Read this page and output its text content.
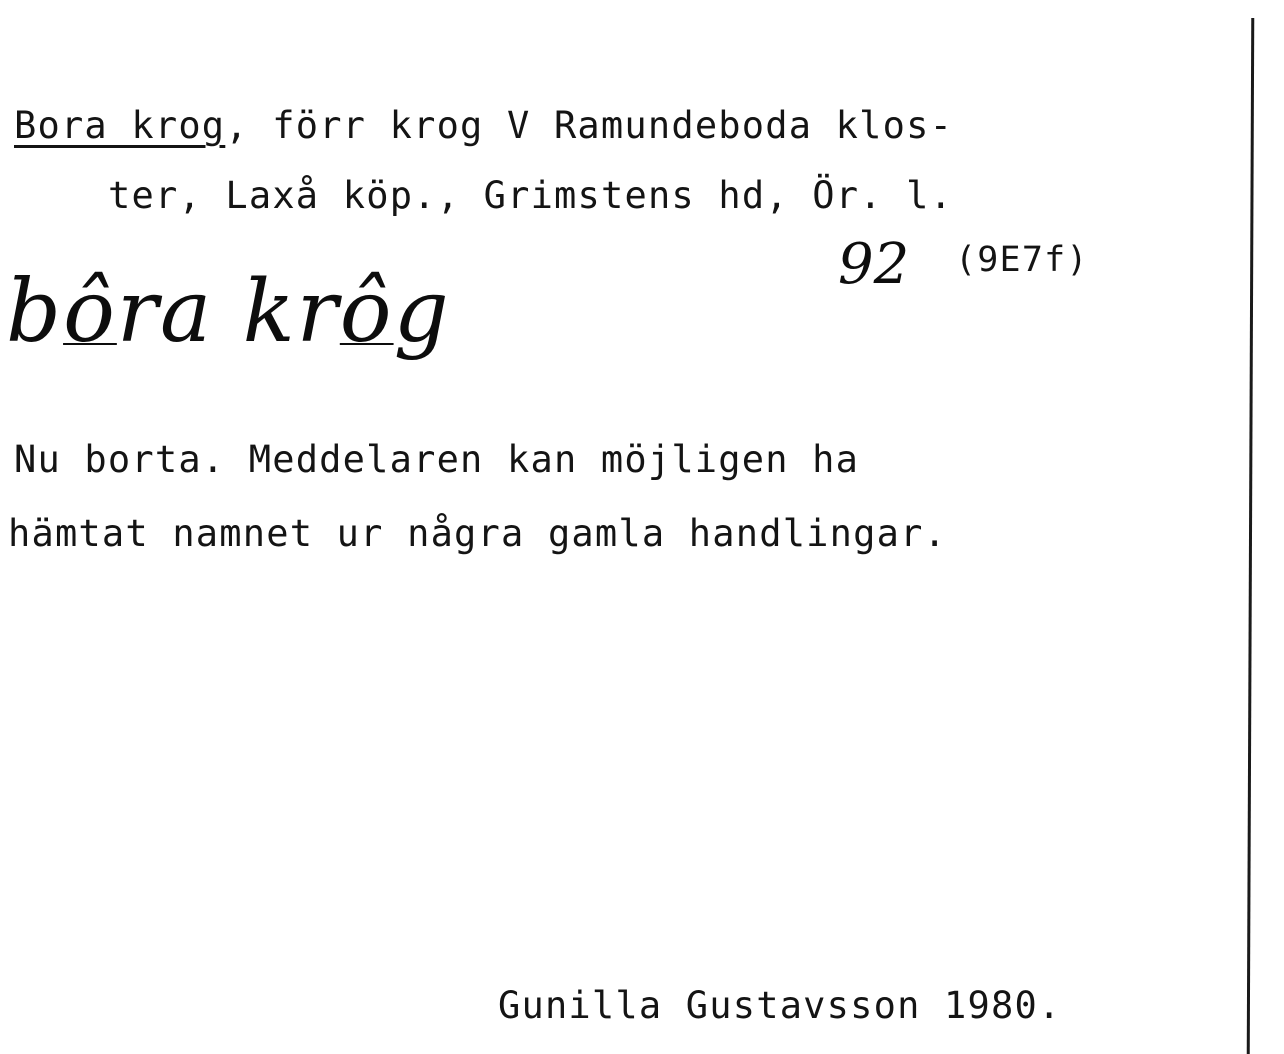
Bora krog, förr krog V Ramundeboda klos-
ter, Laxå köp., Grimstens hd, Ör. l.
92 (9E7f)
bôra krôg
Nu borta. Meddelaren kan möjligen ha
hämtat namnet ur några gamla handlingar.
Gunilla Gustavsson 1980.
